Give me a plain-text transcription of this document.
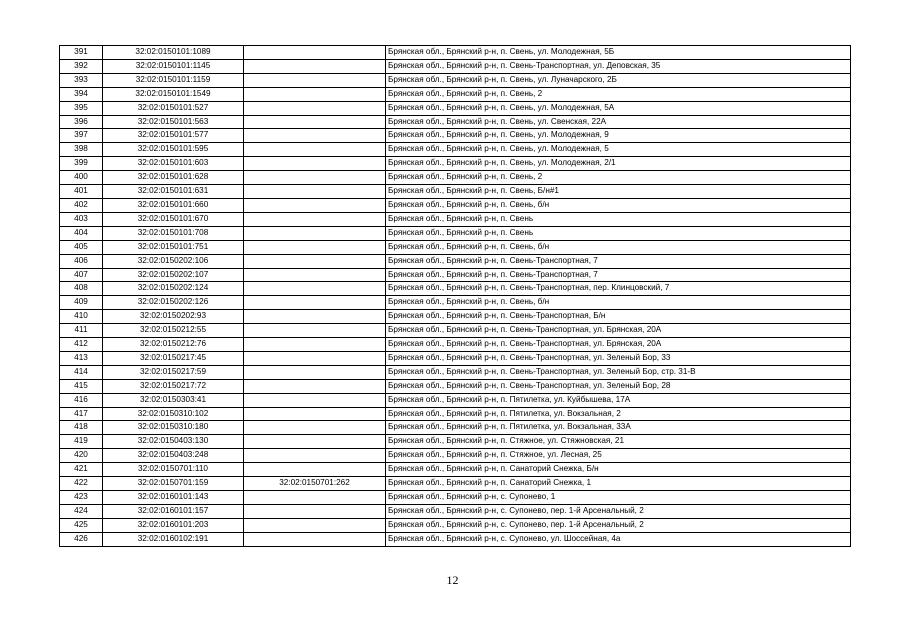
391	32:02:0150101:1089		Брянская обл., Брянский р-н, п. Свень, ул. Молодежная, 5Б
392	32:02:0150101:1145		Брянская обл., Брянский р-н, п. Свень-Транспортная, ул. Деповская, 35
393	32:02:0150101:1159		Брянская обл., Брянский р-н, п. Свень, ул. Луначарского, 2Б
394	32:02:0150101:1549		Брянская обл., Брянский р-н, п. Свень, 2
395	32:02:0150101:527		Брянская обл., Брянский р-н, п. Свень, ул. Молодежная, 5А
396	32:02:0150101:563		Брянская обл., Брянский р-н, п. Свень, ул. Свенская, 22А
397	32:02:0150101:577		Брянская обл., Брянский р-н, п. Свень, ул. Молодежная, 9
398	32:02:0150101:595		Брянская обл., Брянский р-н, п. Свень, ул. Молодежная, 5
399	32:02:0150101:603		Брянская обл., Брянский р-н, п. Свень, ул. Молодежная, 2/1
400	32:02:0150101:628		Брянская обл., Брянский р-н, п. Свень, 2
401	32:02:0150101:631		Брянская обл., Брянский р-н, п. Свень, Б/н#1
402	32:02:0150101:660		Брянская обл., Брянский р-н, п. Свень, б/н
403	32:02:0150101:670		Брянская обл., Брянский р-н, п. Свень
404	32:02:0150101:708		Брянская обл., Брянский р-н, п. Свень
405	32:02:0150101:751		Брянская обл., Брянский р-н, п. Свень, б/н
406	32:02:0150202:106		Брянская обл., Брянский р-н, п. Свень-Транспортная, 7
407	32:02:0150202:107		Брянская обл., Брянский р-н, п. Свень-Транспортная, 7
408	32:02:0150202:124		Брянская обл., Брянский р-н, п. Свень-Транспортная, пер. Клинцовский, 7
409	32:02:0150202:126		Брянская обл., Брянский р-н, п. Свень, б/н
410	32:02:0150202:93		Брянская обл., Брянский р-н, п. Свень-Транспортная, Б/н
411	32:02:0150212:55		Брянская обл., Брянский р-н, п. Свень-Транспортная, ул. Брянская, 20А
412	32:02:0150212:76		Брянская обл., Брянский р-н, п. Свень-Транспортная, ул. Брянская, 20А
413	32:02:0150217:45		Брянская обл., Брянский р-н, п. Свень-Транспортная, ул. Зеленый Бор, 33
414	32:02:0150217:59		Брянская обл., Брянский р-н, п. Свень-Транспортная, ул. Зеленый Бор, стр. 31-В
415	32:02:0150217:72		Брянская обл., Брянский р-н, п. Свень-Транспортная, ул. Зеленый Бор, 28
416	32:02:0150303:41		Брянская обл., Брянский р-н, п. Пятилетка, ул. Куйбышева, 17А
417	32:02:0150310:102		Брянская обл., Брянский р-н, п. Пятилетка, ул. Вокзальная, 2
418	32:02:0150310:180		Брянская обл., Брянский р-н, п. Пятилетка, ул. Вокзальная, 33А
419	32:02:0150403:130		Брянская обл., Брянский р-н, п. Стяжное, ул. Стяжновская, 21
420	32:02:0150403:248		Брянская обл., Брянский р-н, п. Стяжное, ул. Лесная, 25
421	32:02:0150701:110		Брянская обл., Брянский р-н, п. Санаторий Снежка, Б/н
422	32:02:0150701:159	32:02:0150701:262	Брянская обл., Брянский р-н, п. Санаторий Снежка, 1
423	32:02:0160101:143		Брянская обл., Брянский р-н, с. Супонево, 1
424	32:02:0160101:157		Брянская обл., Брянский р-н, с. Супонево, пер. 1-й Арсенальный, 2
425	32:02:0160101:203		Брянская обл., Брянский р-н, с. Супонево, пер. 1-й Арсенальный, 2
426	32:02:0160102:191		Брянская обл., Брянский р-н, с. Супонево, ул. Шоссейная, 4а
12
